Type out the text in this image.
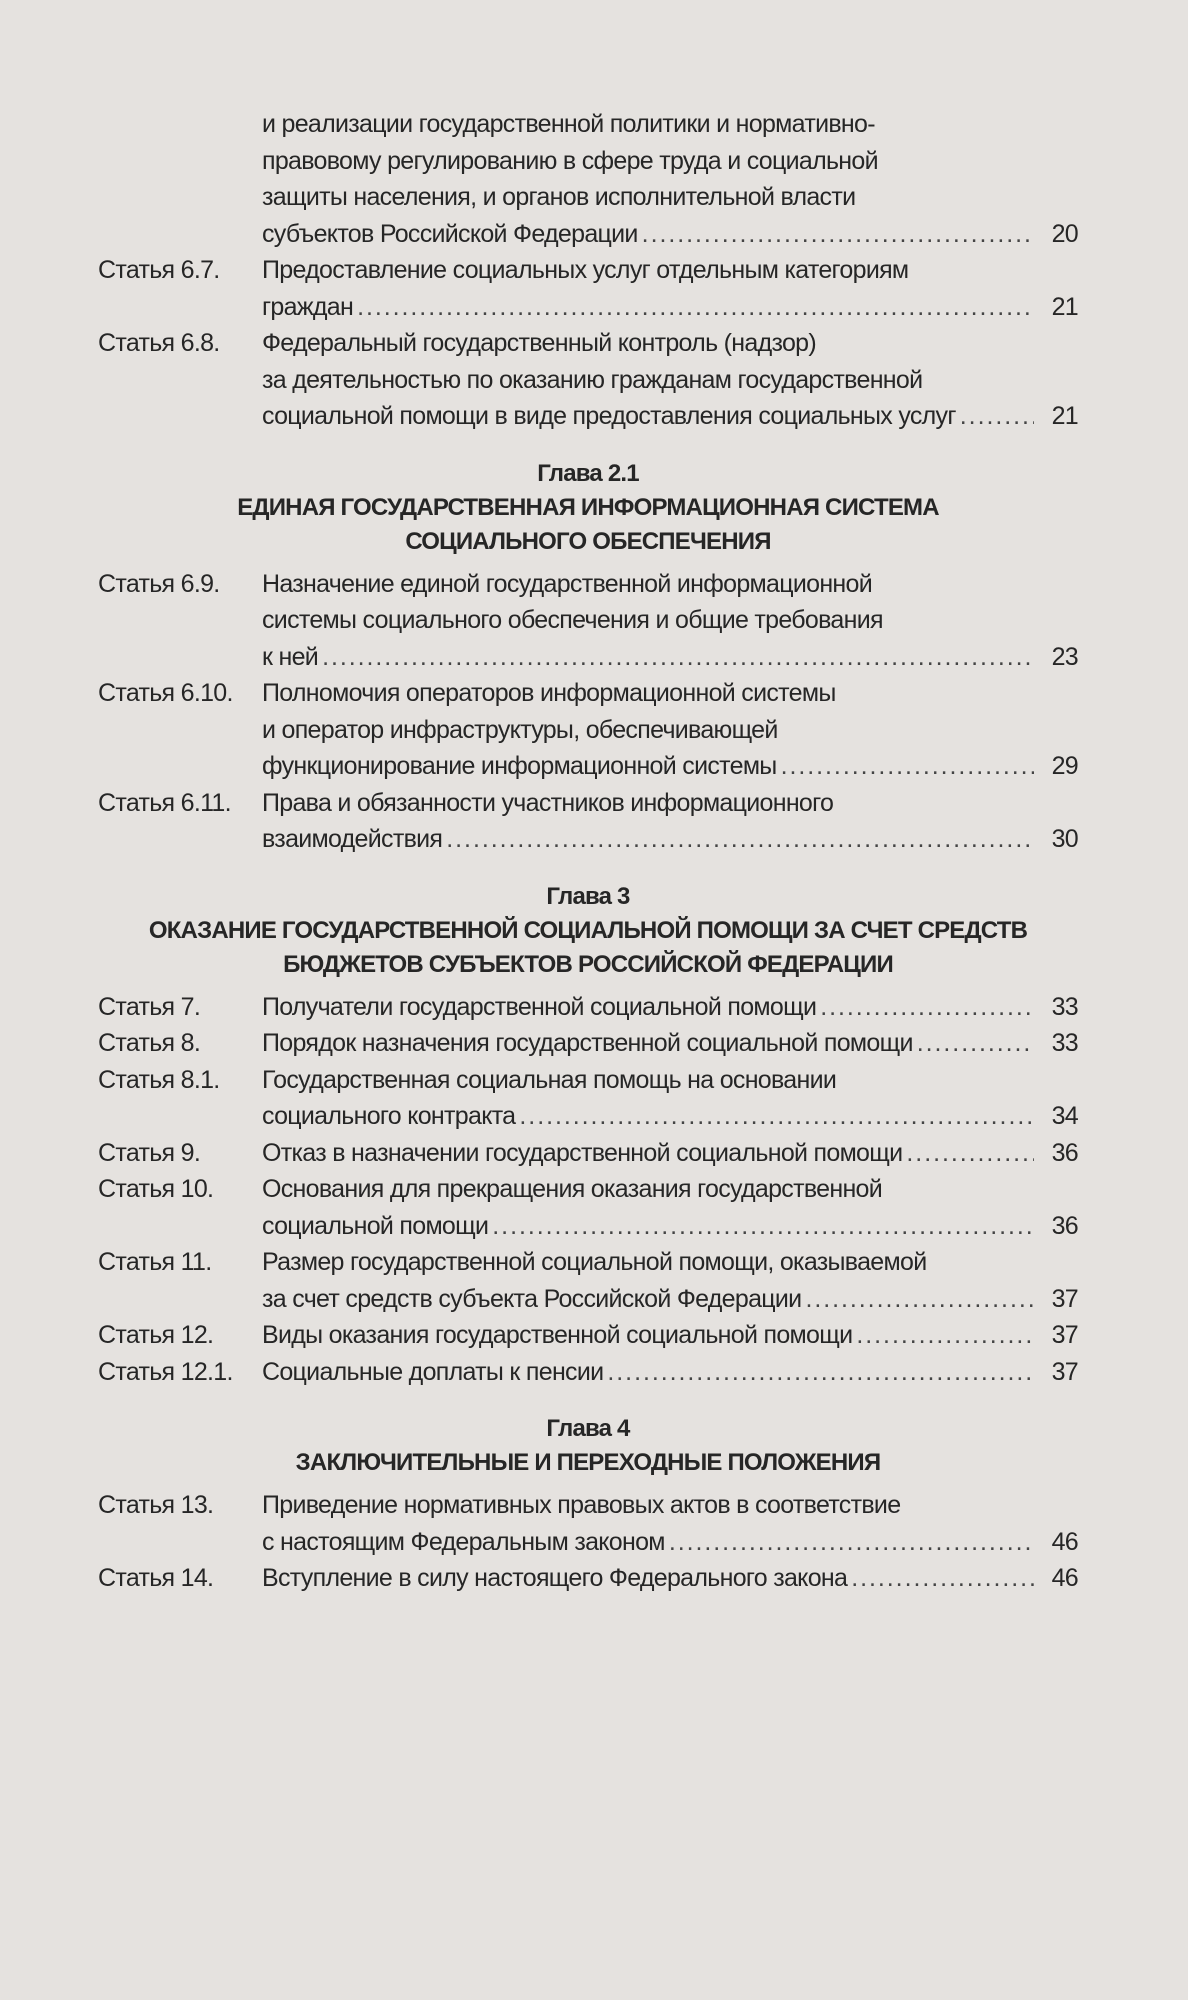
и реализации государственной политики и нормативно-
правовому регулированию в сфере труда и социальной
защиты населения, и органов исполнительной власти
субъектов Российской Федерации . . .	20
Статья 6.7.	Предоставление социальных услуг отдельным категориям
граждан . . .	21
Статья 6.8.	Федеральный государственный контроль (надзор)
за деятельностью по оказанию гражданам государственной
социальной помощи в виде предоставления социальных услуг . . .	21
Глава 2.1
ЕДИНАЯ ГОСУДАРСТВЕННАЯ ИНФОРМАЦИОННАЯ СИСТЕМА
СОЦИАЛЬНОГО ОБЕСПЕЧЕНИЯ
Статья 6.9.	Назначение единой государственной информационной
системы социального обеспечения и общие требования
к ней . . .	23
Статья 6.10.	Полномочия операторов информационной системы
и оператор инфраструктуры, обеспечивающей
функционирование информационной системы . . .	29
Статья 6.11.	Права и обязанности участников информационного
взаимодействия . . .	30
Глава 3
ОКАЗАНИЕ ГОСУДАРСТВЕННОЙ СОЦИАЛЬНОЙ ПОМОЩИ ЗА СЧЕТ СРЕДСТВ
БЮДЖЕТОВ СУБЪЕКТОВ РОССИЙСКОЙ ФЕДЕРАЦИИ
Статья 7.	Получатели государственной социальной помощи . . .	33
Статья 8.	Порядок назначения государственной социальной помощи . . .	33
Статья 8.1.	Государственная социальная помощь на основании
социального контракта . . .	34
Статья 9.	Отказ в назначении государственной социальной помощи . . .	36
Статья 10.	Основания для прекращения оказания государственной
социальной помощи . . .	36
Статья 11.	Размер государственной социальной помощи, оказываемой
за счет средств субъекта Российской Федерации . . .	37
Статья 12.	Виды оказания государственной социальной помощи . . .	37
Статья 12.1.	Социальные доплаты к пенсии . . .	37
Глава 4
ЗАКЛЮЧИТЕЛЬНЫЕ И ПЕРЕХОДНЫЕ ПОЛОЖЕНИЯ
Статья 13.	Приведение нормативных правовых актов в соответствие
с настоящим Федеральным законом . . .	46
Статья 14.	Вступление в силу настоящего Федерального закона . . .	46
